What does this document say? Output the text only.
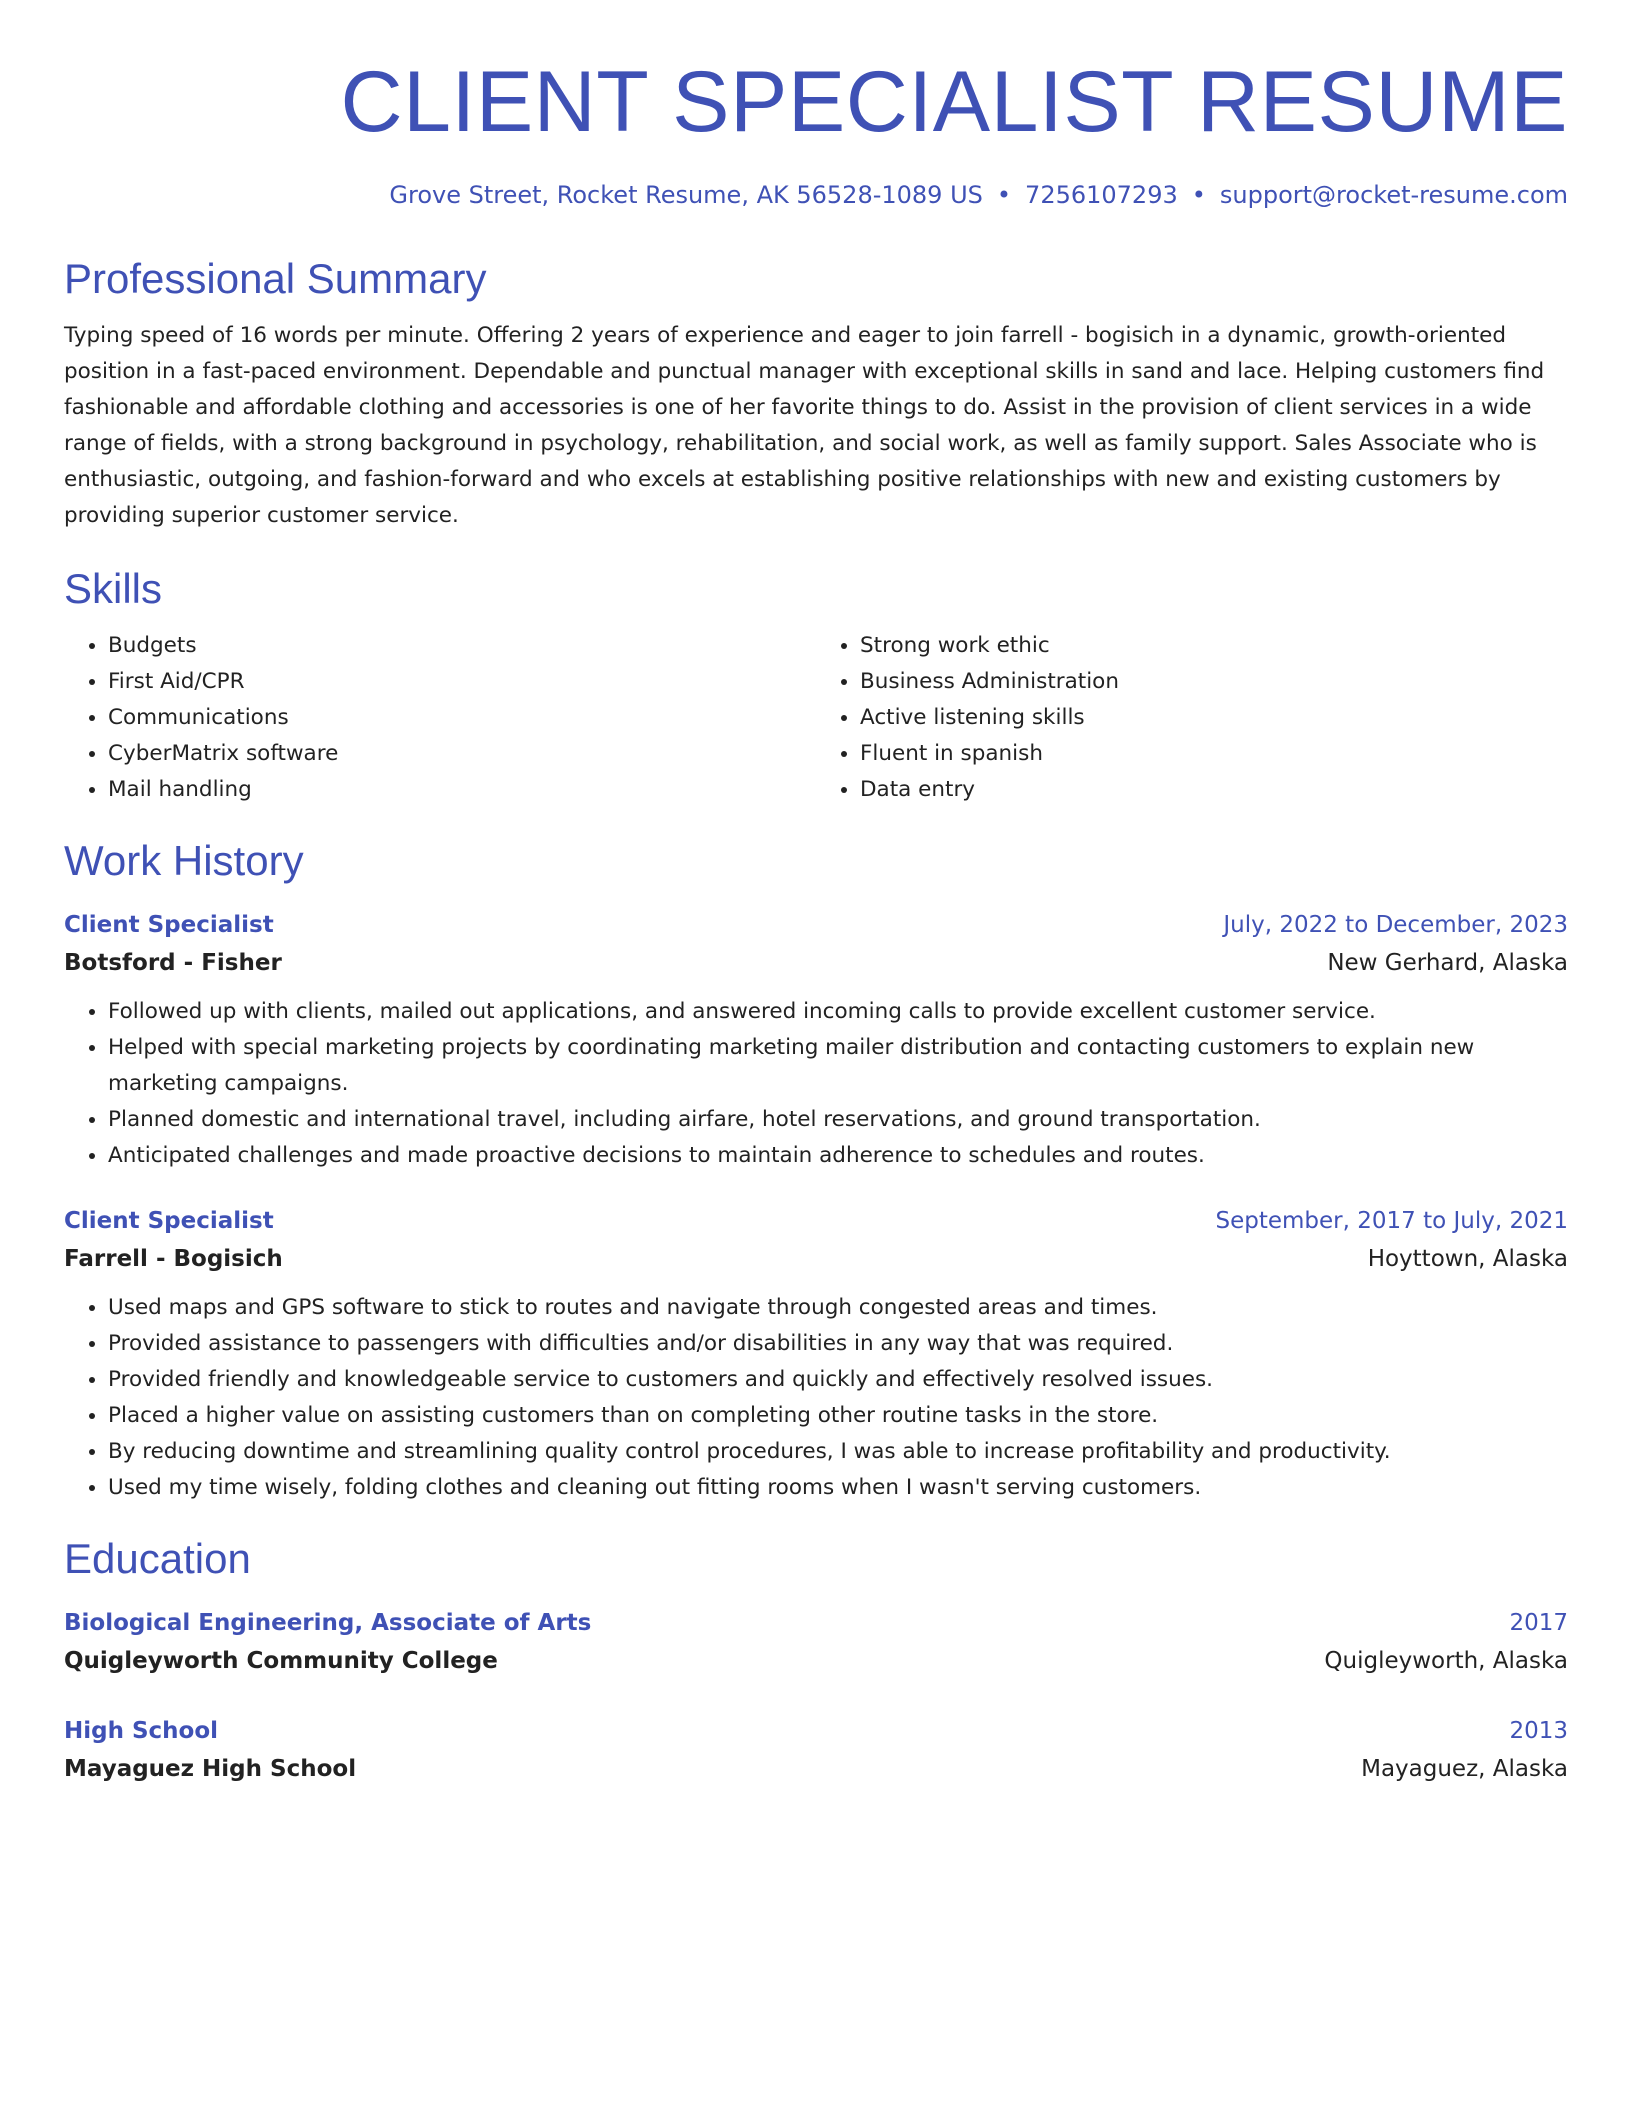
CLIENT SPECIALIST RESUME
Grove Street, Rocket Resume, AK 56528-1089 US • 7256107293 • support@rocket-resume.com
Professional Summary
Typing speed of 16 words per minute. Offering 2 years of experience and eager to join farrell - bogisich in a dynamic, growth-oriented position in a fast-paced environment. Dependable and punctual manager with exceptional skills in sand and lace. Helping customers find fashionable and affordable clothing and accessories is one of her favorite things to do. Assist in the provision of client services in a wide range of fields, with a strong background in psychology, rehabilitation, and social work, as well as family support. Sales Associate who is enthusiastic, outgoing, and fashion-forward and who excels at establishing positive relationships with new and existing customers by providing superior customer service.
Skills
• Budgets
• First Aid/CPR
• Communications
• CyberMatrix software
• Mail handling
• Strong work ethic
• Business Administration
• Active listening skills
• Fluent in spanish
• Data entry
Work History
Client Specialist	July, 2022 to December, 2023
Botsford - Fisher	New Gerhard, Alaska
• Followed up with clients, mailed out applications, and answered incoming calls to provide excellent customer service.
• Helped with special marketing projects by coordinating marketing mailer distribution and contacting customers to explain new marketing campaigns.
• Planned domestic and international travel, including airfare, hotel reservations, and ground transportation.
• Anticipated challenges and made proactive decisions to maintain adherence to schedules and routes.
Client Specialist	September, 2017 to July, 2021
Farrell - Bogisich	Hoyttown, Alaska
• Used maps and GPS software to stick to routes and navigate through congested areas and times.
• Provided assistance to passengers with difficulties and/or disabilities in any way that was required.
• Provided friendly and knowledgeable service to customers and quickly and effectively resolved issues.
• Placed a higher value on assisting customers than on completing other routine tasks in the store.
• By reducing downtime and streamlining quality control procedures, I was able to increase profitability and productivity.
• Used my time wisely, folding clothes and cleaning out fitting rooms when I wasn't serving customers.
Education
Biological Engineering, Associate of Arts	2017
Quigleyworth Community College	Quigleyworth, Alaska
High School	2013
Mayaguez High School	Mayaguez, Alaska
